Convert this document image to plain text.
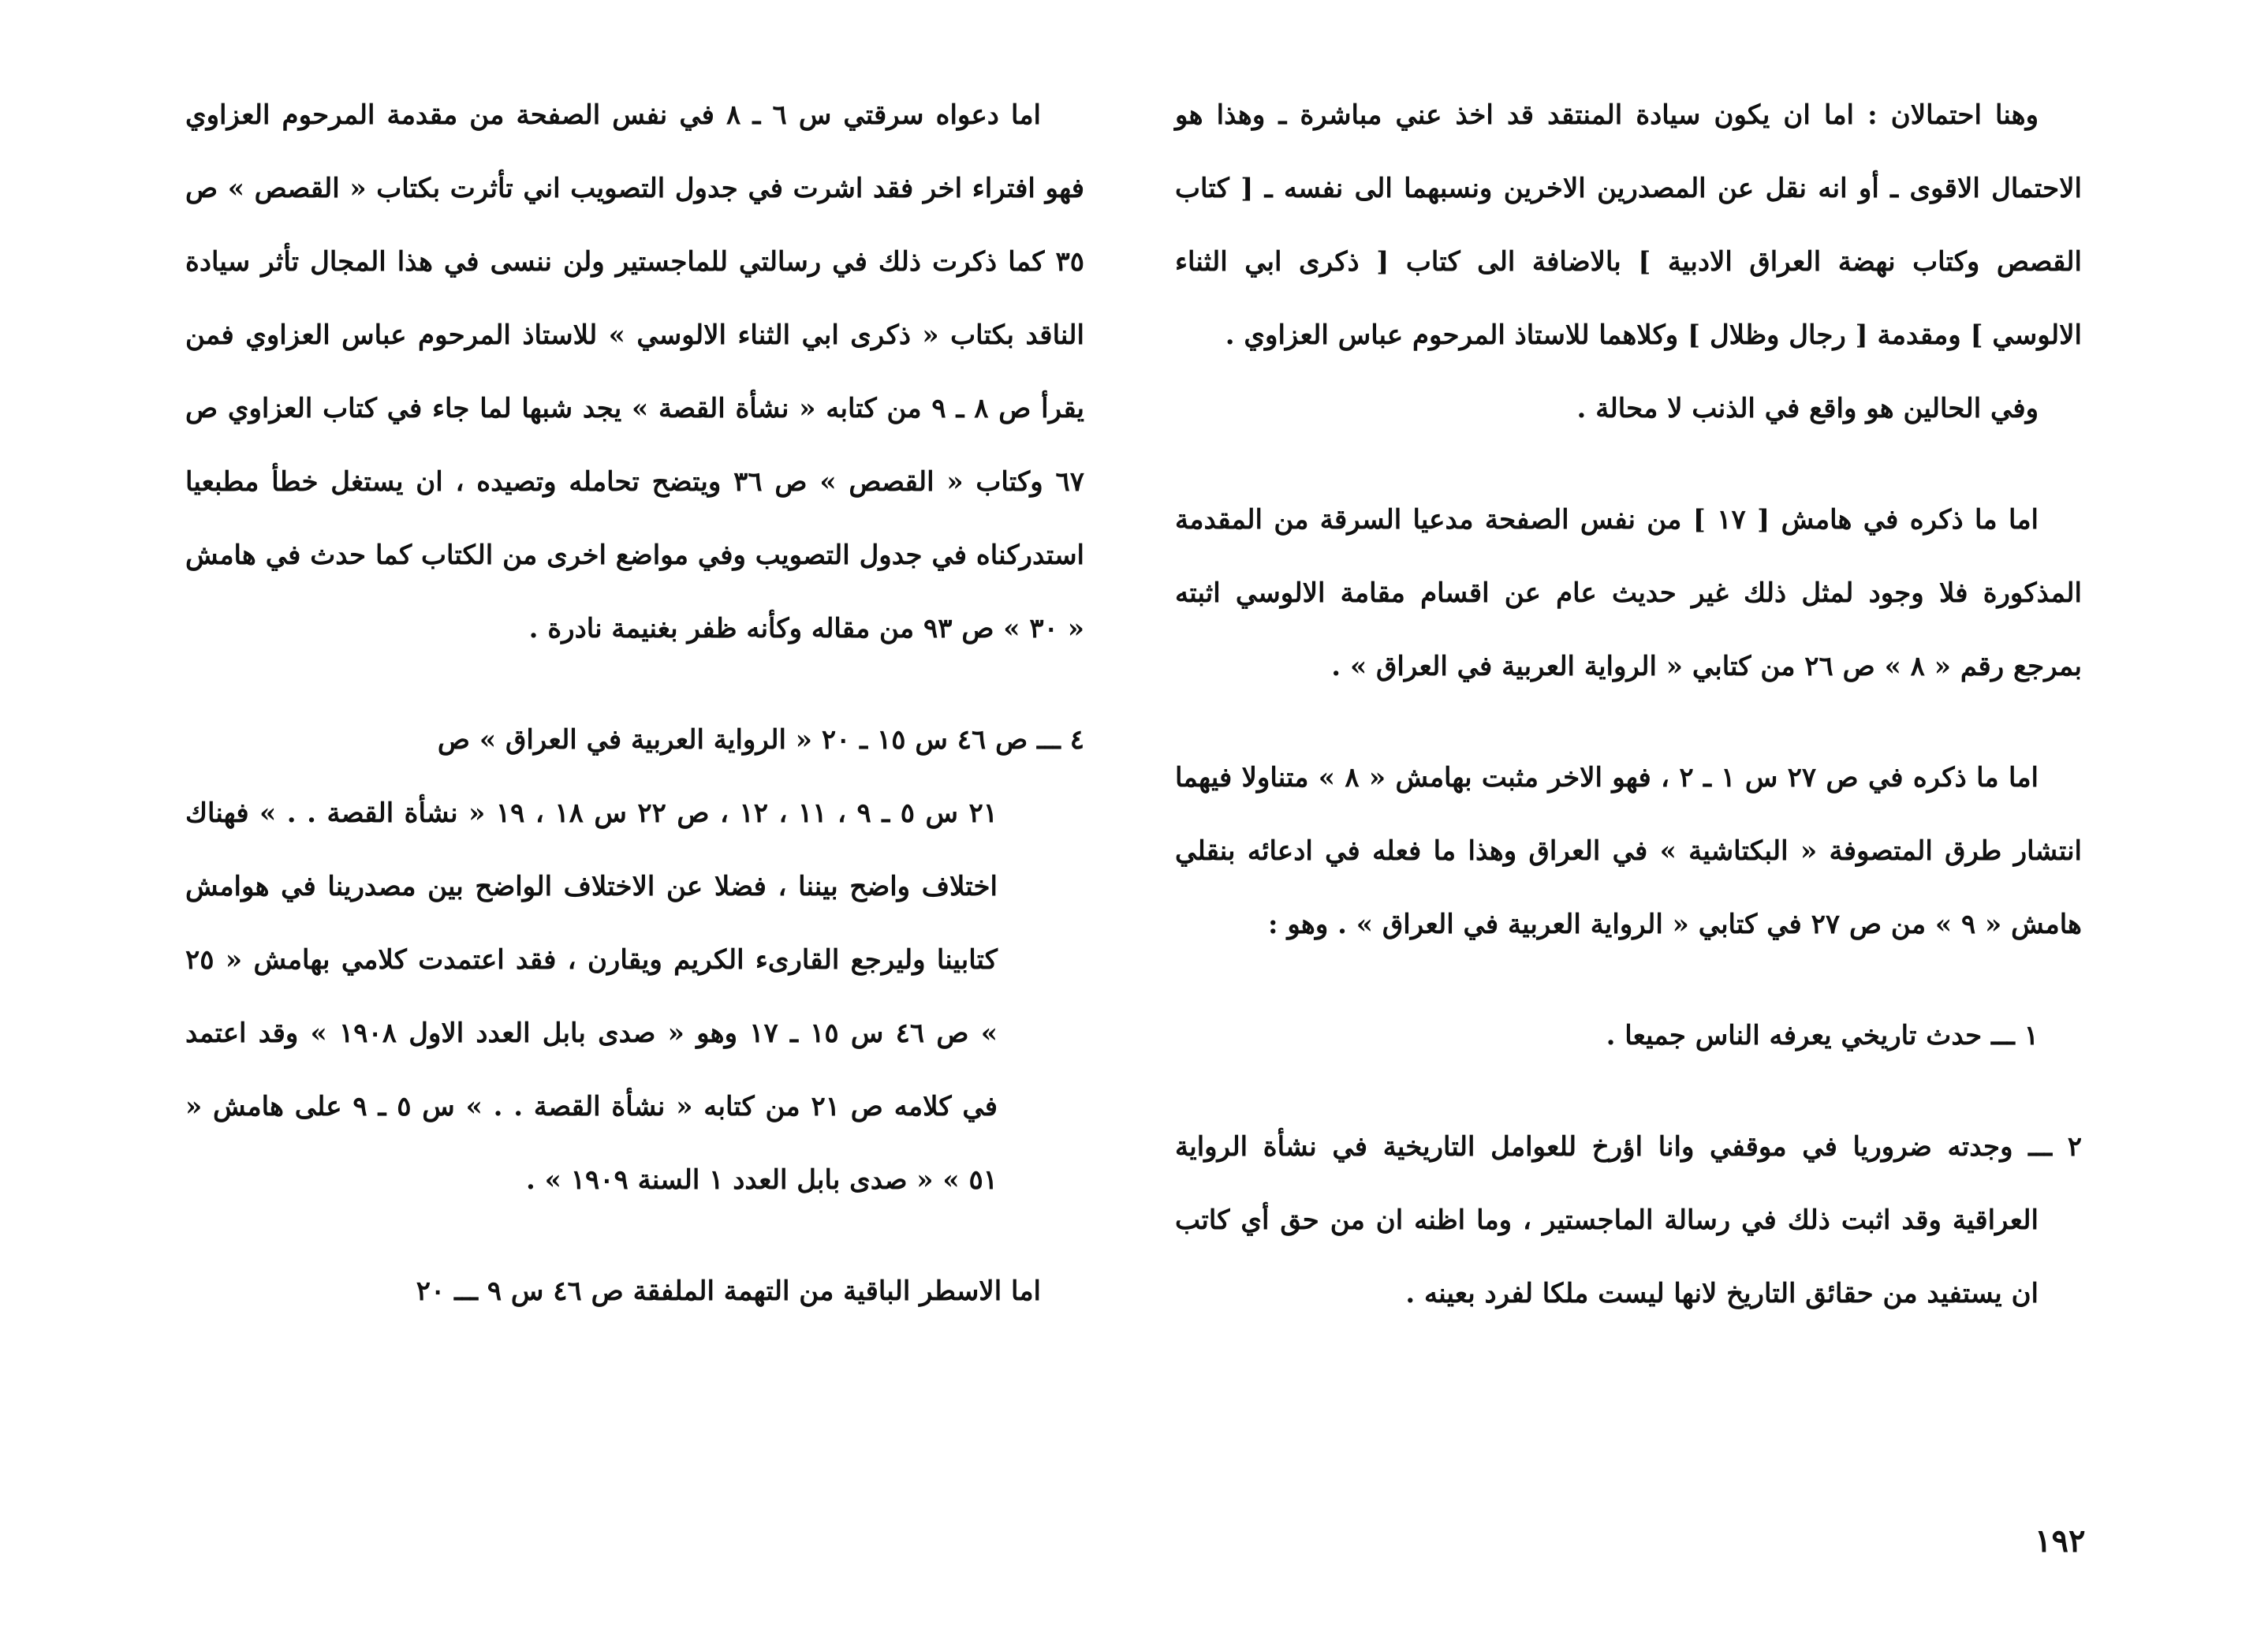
وهنا احتمالان : اما ان يكون سيادة المنتقد قد اخذ عني مباشرة ـ وهذا هو الاحتمال الاقوى ـ أو انه نقل عن المصدرين الاخرين ونسبهما الى نفسه ـ [ كتاب القصص وكتاب نهضة العراق الادبية ] بالاضافة الى كتاب [ ذكرى ابي الثناء الالوسي ] ومقدمة [ رجال وظلال ] وكلاهما للاستاذ المرحوم عباس العزاوي .

وفي الحالين هو واقع في الذنب لا محالة .

اما ما ذكره في هامش [ ١٧ ] من نفس الصفحة مدعيا السرقة من المقدمة المذكورة فلا وجود لمثل ذلك غير حديث عام عن اقسام مقامة الالوسي اثبته بمرجع رقم « ٨ » ص ٢٦ من كتابي « الرواية العربية في العراق » .

اما ما ذكره في ص ٢٧ س ١ ـ ٢ ، فهو الاخر مثبت بهامش « ٨ » متناولا فيهما انتشار طرق المتصوفة « البكتاشية » في العراق وهذا ما فعله في ادعائه بنقلي هامش « ٩ » من ص ٢٧ في كتابي « الرواية العربية في العراق » . وهو :

١ ـــ حدث تاريخي يعرفه الناس جميعا .

٢ ـــ وجدته ضروريا في موقفي وانا اؤرخ للعوامل التاريخية في نشأة الرواية العراقية وقد اثبت ذلك في رسالة الماجستير ، وما اظنه ان من حق أي كاتب ان يستفيد من حقائق التاريخ لانها ليست ملكا لفرد بعينه .

اما دعواه سرقتي س ٦ ـ ٨ في نفس الصفحة من مقدمة المرحوم العزاوي فهو افتراء اخر فقد اشرت في جدول التصويب اني تأثرت بكتاب « القصص » ص ٣٥ كما ذكرت ذلك في رسالتي للماجستير ولن ننسى في هذا المجال تأثر سيادة الناقد بكتاب « ذكرى ابي الثناء الالوسي » للاستاذ المرحوم عباس العزاوي فمن يقرأ ص ٨ ـ ٩ من كتابه « نشأة القصة » يجد شبها لما جاء في كتاب العزاوي ص ٦٧ وكتاب « القصص » ص ٣٦ ويتضح تحامله وتصيده ، ان يستغل خطأ مطبعيا استدركناه في جدول التصويب وفي مواضع اخرى من الكتاب كما حدث في هامش « ٣٠ » ص ٩٣ من مقاله وكأنه ظفر بغنيمة نادرة .

٤ ـــ ص ٤٦ س ١٥ ـ ٢٠ « الرواية العربية في العراق » ص

٢١ س ٥ ـ ٩ ، ١١ ، ١٢ ، ص ٢٢ س ١٨ ، ١٩ « نشأة القصة . . » فهناك اختلاف واضح بيننا ، فضلا عن الاختلاف الواضح بين مصدرينا في هوامش كتابينا وليرجع القارىء الكريم ويقارن ، فقد اعتمدت كلامي بهامش « ٢٥ » ص ٤٦ س ١٥ ـ ١٧ وهو « صدى بابل العدد الاول ١٩٠٨ » وقد اعتمد في كلامه ص ٢١ من كتابه « نشأة القصة . . » س ٥ ـ ٩ على هامش « ٥١ » « صدى بابل العدد ١ السنة ١٩٠٩ » .

اما الاسطر الباقية من التهمة الملفقة ص ٤٦ س ٩ ـــ ٢٠

١٩٢
